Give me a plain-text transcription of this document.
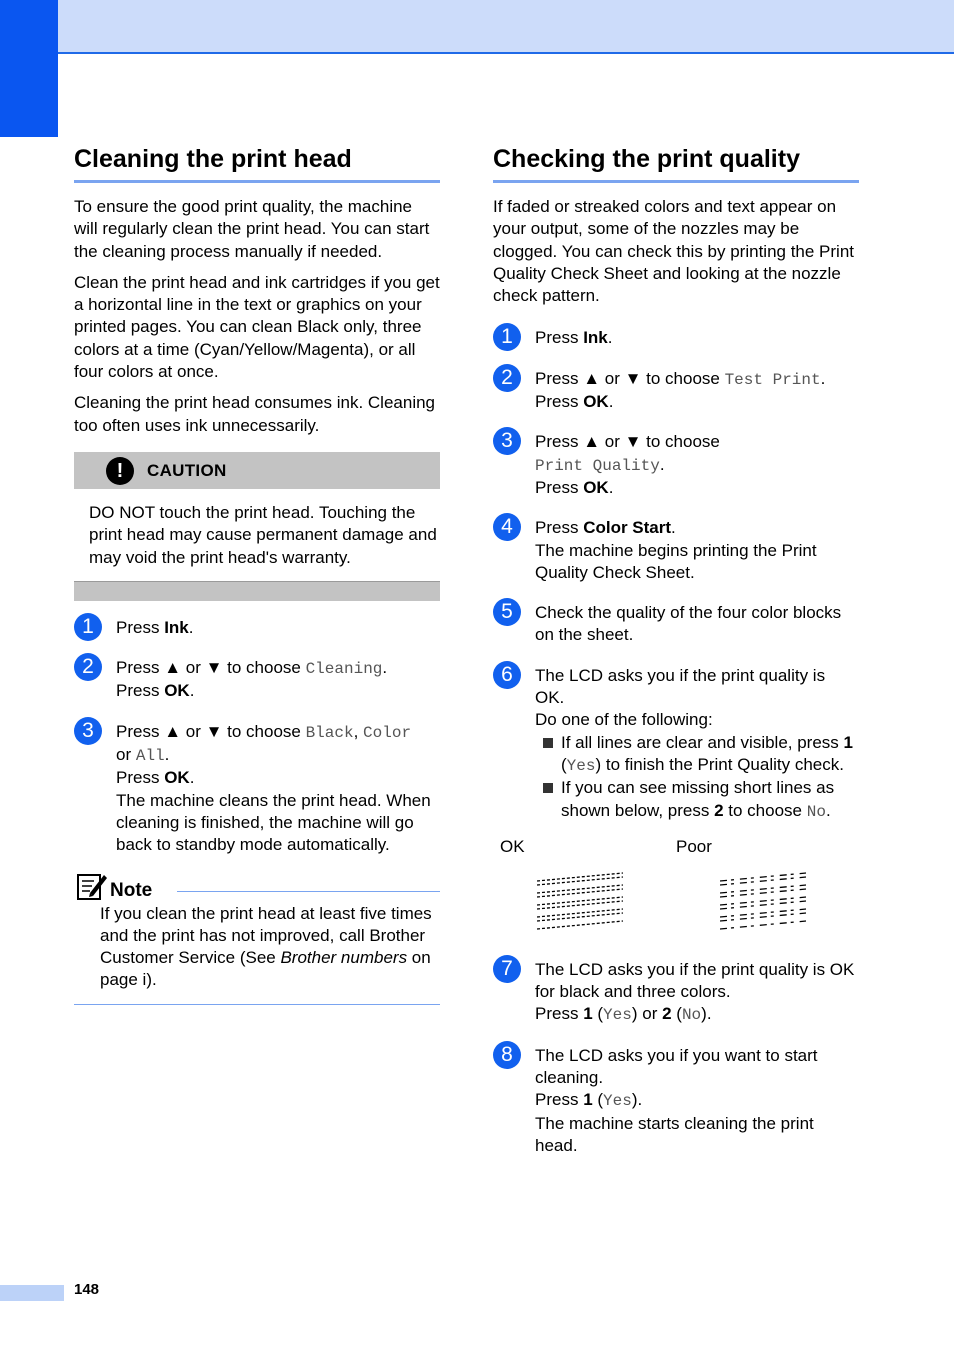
Cleaning the print head

To ensure the good print quality, the machine will regularly clean the print head. You can start the cleaning process manually if needed.

Clean the print head and ink cartridges if you get a horizontal line in the text or graphics on your printed pages. You can clean Black only, three colors at a time (Cyan/Yellow/Magenta), or all four colors at once.

Cleaning the print head consumes ink. Cleaning too often uses ink unnecessarily.

!	CAUTION
DO NOT touch the print head. Touching the print head may cause permanent damage and may void the print head's warranty.
1	Press Ink.
2	Press ▲ or ▼ to choose Cleaning.
Press OK.
3	Press ▲ or ▼ to choose Black, Color
or All.
Press OK.
The machine cleans the print head. When cleaning is finished, the machine will go back to standby mode automatically.
Note
If you clean the print head at least five times and the print has not improved, call Brother Customer Service (See Brother numbers on page i).
Checking the print quality

If faded or streaked colors and text appear on your output, some of the nozzles may be clogged. You can check this by printing the Print Quality Check Sheet and looking at the nozzle check pattern.

1	Press Ink.
2	Press ▲ or ▼ to choose Test Print.
Press OK.
3	Press ▲ or ▼ to choose
Print Quality.
Press OK.
4	Press Color Start.
The machine begins printing the Print Quality Check Sheet.
5	Check the quality of the four color blocks on the sheet.
6	The LCD asks you if the print quality is OK.
Do one of the following:
If all lines are clear and visible, press 1 (Yes) to finish the Print Quality check.
If you can see missing short lines as shown below, press 2 to choose No.
OK	Poor
7	The LCD asks you if the print quality is OK for black and three colors.
Press 1 (Yes) or 2 (No).
8	The LCD asks you if you want to start cleaning.
Press 1 (Yes).
The machine starts cleaning the print head.
148
